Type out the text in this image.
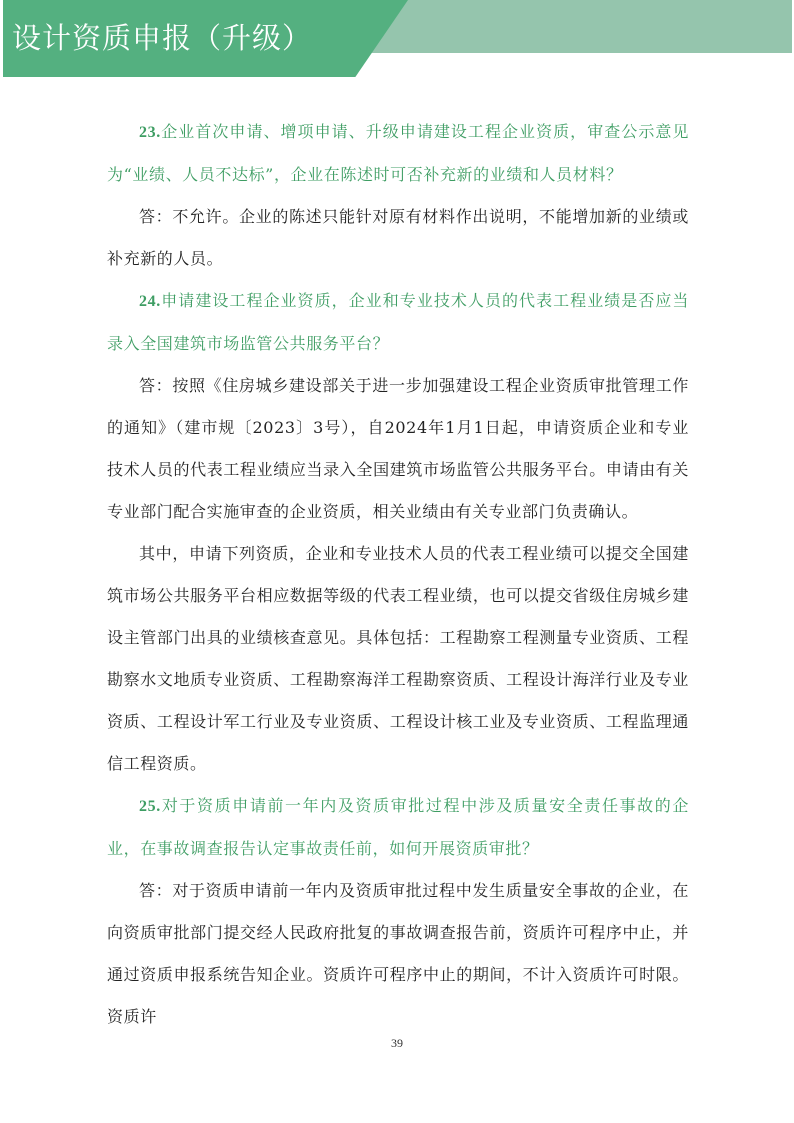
设计资质申报（升级）

23.企业首次申请、增项申请、升级申请建设工程企业资质，审查公示意见为“业绩、人员不达标”，企业在陈述时可否补充新的业绩和人员材料？

答：不允许。企业的陈述只能针对原有材料作出说明，不能增加新的业绩或补充新的人员。

24.申请建设工程企业资质，企业和专业技术人员的代表工程业绩是否应当录入全国建筑市场监管公共服务平台？

答：按照《住房城乡建设部关于进一步加强建设工程企业资质审批管理工作的通知》（建市规〔2023〕3号），自2024年1月1日起，申请资质企业和专业技术人员的代表工程业绩应当录入全国建筑市场监管公共服务平台。申请由有关专业部门配合实施审查的企业资质，相关业绩由有关专业部门负责确认。

其中，申请下列资质，企业和专业技术人员的代表工程业绩可以提交全国建筑市场公共服务平台相应数据等级的代表工程业绩，也可以提交省级住房城乡建设主管部门出具的业绩核查意见。具体包括：工程勘察工程测量专业资质、工程勘察水文地质专业资质、工程勘察海洋工程勘察资质、工程设计海洋行业及专业资质、工程设计军工行业及专业资质、工程设计核工业及专业资质、工程监理通信工程资质。

25.对于资质申请前一年内及资质审批过程中涉及质量安全责任事故的企业，在事故调查报告认定事故责任前，如何开展资质审批？

答：对于资质申请前一年内及资质审批过程中发生质量安全事故的企业，在向资质审批部门提交经人民政府批复的事故调查报告前，资质许可程序中止，并通过资质申报系统告知企业。资质许可程序中止的期间，不计入资质许可时限。资质许

39
